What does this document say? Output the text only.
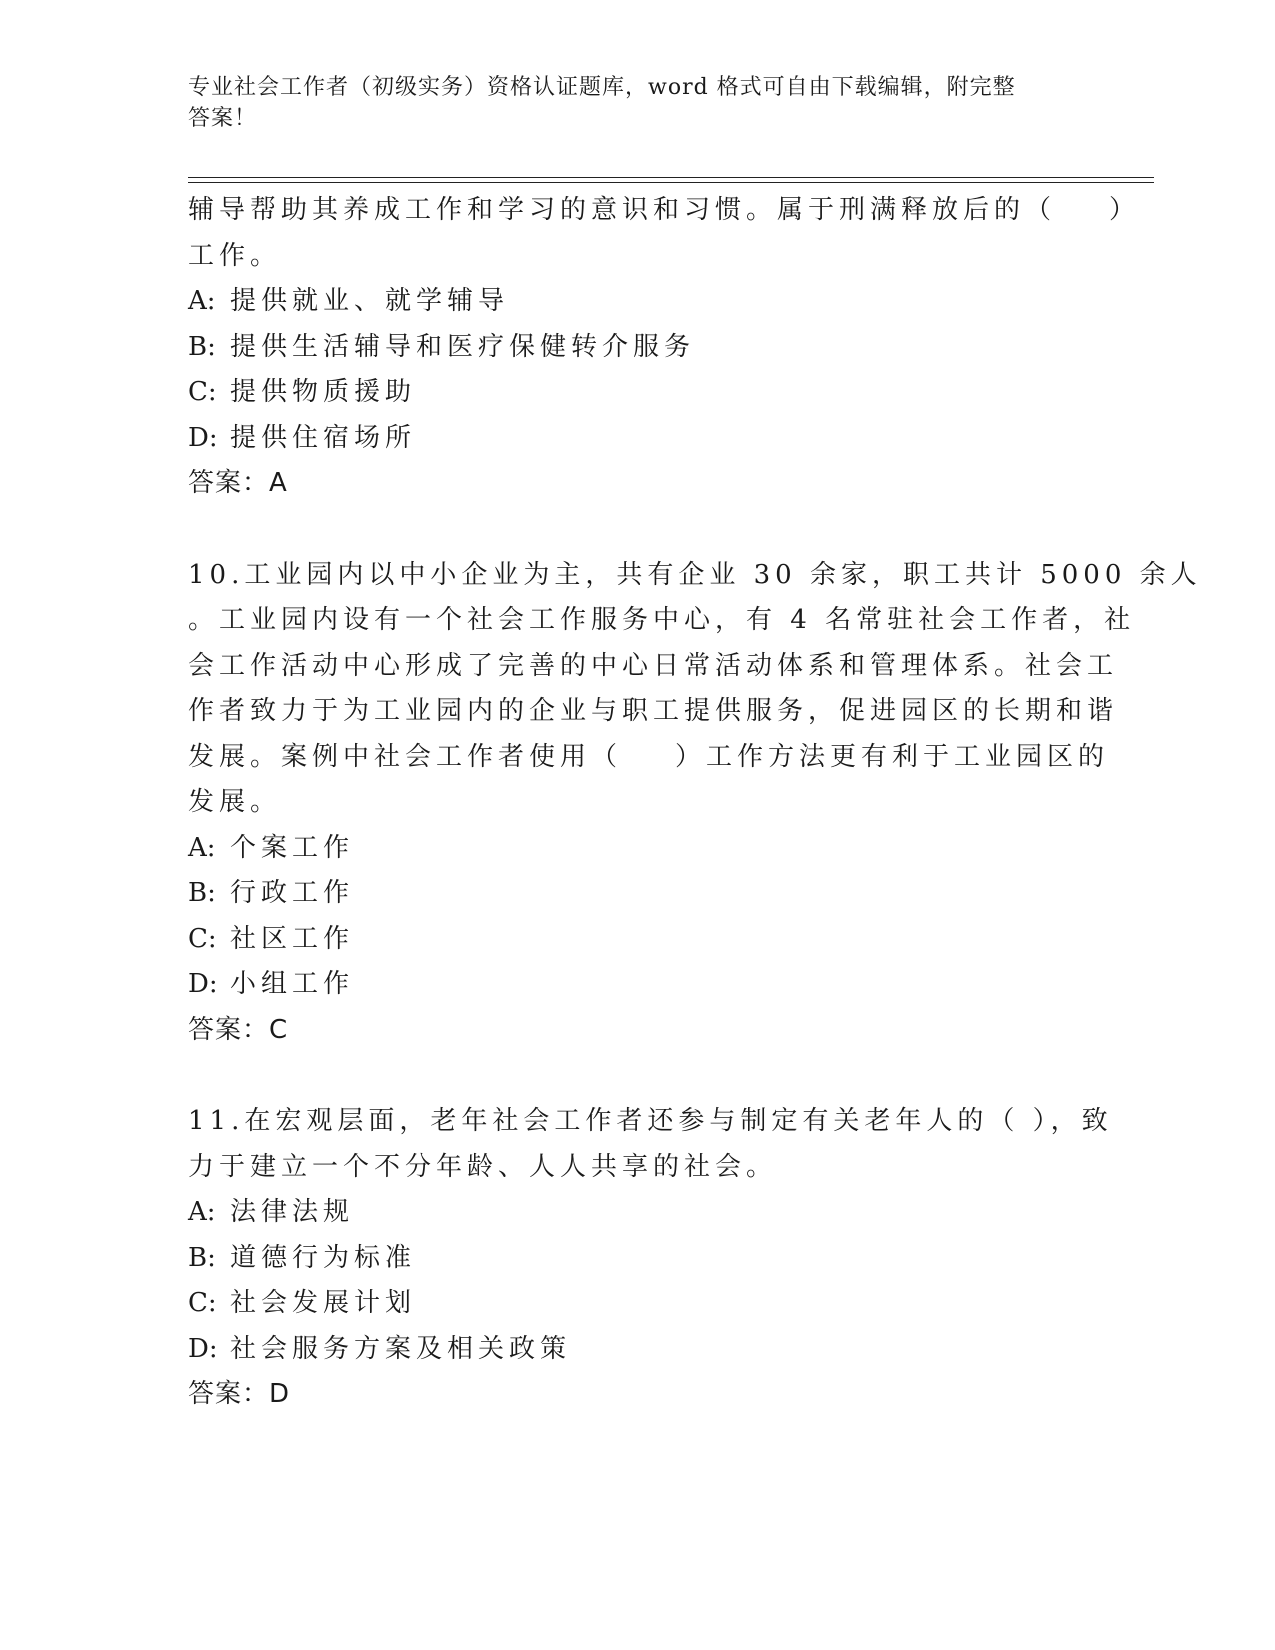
专业社会工作者（初级实务）资格认证题库，word 格式可自由下载编辑，附完整
答案！
辅导帮助其养成工作和学习的意识和习惯。属于刑满释放后的（    ）
工作。
A: 提供就业、就学辅导
B: 提供生活辅导和医疗保健转介服务
C: 提供物质援助
D: 提供住宿场所
答案：A
10.工业园内以中小企业为主，共有企业 30 余家，职工共计 5000 余人
。工业园内设有一个社会工作服务中心，有 4 名常驻社会工作者，社
会工作活动中心形成了完善的中心日常活动体系和管理体系。社会工
作者致力于为工业园内的企业与职工提供服务，促进园区的长期和谐
发展。案例中社会工作者使用（    ）工作方法更有利于工业园区的
发展。
A: 个案工作
B: 行政工作
C: 社区工作
D: 小组工作
答案：C
11.在宏观层面，老年社会工作者还参与制定有关老年人的（ ），致
力于建立一个不分年龄、人人共享的社会。
A: 法律法规
B: 道德行为标准
C: 社会发展计划
D: 社会服务方案及相关政策
答案：D
